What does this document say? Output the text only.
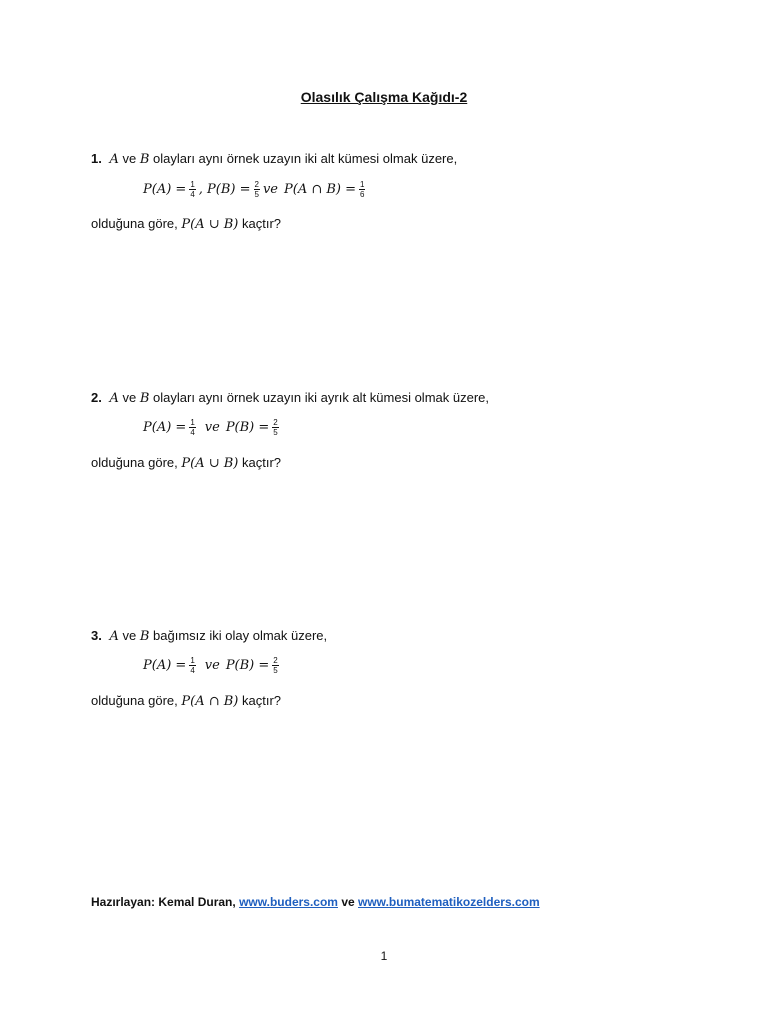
Olasılık Çalışma Kağıdı-2
1. A ve B olayları aynı örnek uzayın iki alt kümesi olmak üzere,
$P(A) = \frac{1}{4}$ , $P(B) = \frac{2}{5}$ ve P(A ∩ $B) = \frac{1}{6}$
olduğuna göre, P(A ∪ B) kaçtır?
2. A ve B olayları aynı örnek uzayın iki ayrık alt kümesi olmak üzere,
$P(A) = \frac{1}{4}$ ve $P(B) = \frac{2}{5}$
olduğuna göre, P(A ∪ B) kaçtır?
3. A ve B bağımsız iki olay olmak üzere,
$P(A) = \frac{1}{4}$ ve $P(B) = \frac{2}{5}$
olduğuna göre, P(A ∩ B) kaçtır?
Hazırlayan: Kemal Duran, www.buders.com ve www.bumatematikozelders.com
1
